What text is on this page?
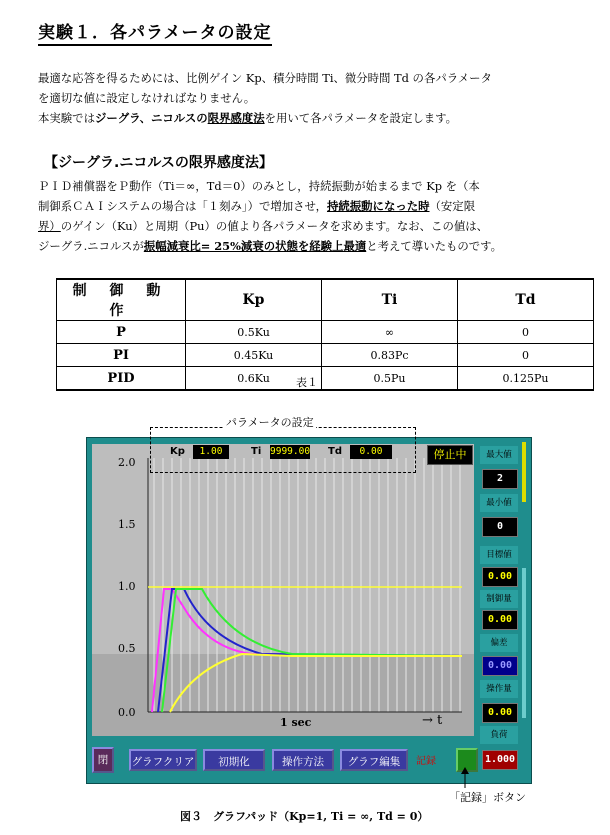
実験１．各パラメータの設定
最適な応答を得るためには、比例ゲイン Kp、積分時間 Ti、微分時間 Td の各パラメータ
を適切な値に設定しなければなりません。
本実験ではジーグラ、ニコルスの限界感度法を用いて各パラメータを設定します。
【ジーグラ.ニコルスの限界感度法】
ＰＩＤ補償器をＰ動作（Ti＝∞，Td＝0）のみとし，持続振動が始まるまで Kp を（本
制御系ＣＡＩシステムの場合は「１刻み」）で増加させ，持続振動になった時（安定限
界）のゲイン（Ku）と周期（Pu）の値より各パラメータを求めます。なお、この値は、
ジーグラ.ニコルスが振幅減衰比= 25%減衰の状態を経験上最適と考えて導いたものです。
制 御 動 作	Kp	Ti	Td
P	0.5Ku	∞	0
PI	0.45Ku	0.83Pc	0
PID	0.6Ku	0.5Pu	0.125Pu
表１
2.0
1.5
1.0
0.5
0.0
1 sec	→ t
パラメータの設定
Kp	1.00	Ti 9999.00 Td	0.00	停止中	最大値
2
最小値
0
目標値
0.00
制御量
0.00
偏差
0.00
操作量
0.00
負荷
1.000
閉	グラフクリア	初期化	操作方法	グラフ編集	記録
「記録」ボタン
図３　グラフパッド（Kp=1, Ti = ∞, Td = 0）
